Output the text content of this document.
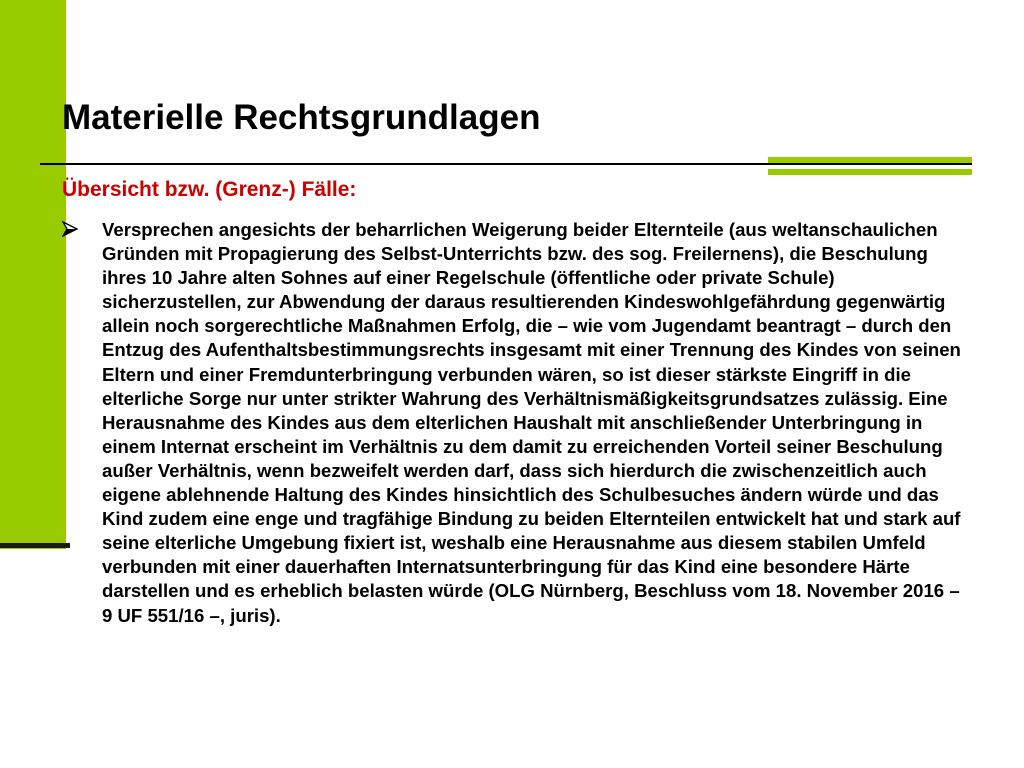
Materielle Rechtsgrundlagen
Übersicht bzw. (Grenz-) Fälle:

Versprechen angesichts der beharrlichen Weigerung beider Elternteile (aus weltanschaulichen Gründen mit Propagierung des Selbst-Unterrichts bzw. des sog. Freilernens), die Beschulung ihres 10 Jahre alten Sohnes auf einer Regelschule (öffentliche oder private Schule) sicherzustellen, zur Abwendung der daraus resultierenden Kindeswohlgefährdung gegenwärtig allein noch sorgerechtliche Maßnahmen Erfolg, die – wie vom Jugendamt beantragt – durch den Entzug des Aufenthaltsbestimmungsrechts insgesamt mit einer Trennung des Kindes von seinen Eltern und einer Fremdunterbringung verbunden wären, so ist dieser stärkste Eingriff in die elterliche Sorge nur unter strikter Wahrung des Verhältnismäßigkeitsgrundsatzes zulässig. Eine Herausnahme des Kindes aus dem elterlichen Haushalt mit anschließender Unterbringung in einem Internat erscheint im Verhältnis zu dem damit zu erreichenden Vorteil seiner Beschulung außer Verhältnis, wenn bezweifelt werden darf, dass sich hierdurch die zwischenzeitlich auch eigene ablehnende Haltung des Kindes hinsichtlich des Schulbesuches ändern würde und das Kind zudem eine enge und tragfähige Bindung zu beiden Elternteilen entwickelt hat und stark auf seine elterliche Umgebung fixiert ist, weshalb eine Herausnahme aus diesem stabilen Umfeld verbunden mit einer dauerhaften Internatsunterbringung für das Kind eine besondere Härte darstellen und es erheblich belasten würde (OLG Nürnberg, Beschluss vom 18. November 2016 – 9 UF 551/16 –, juris).
